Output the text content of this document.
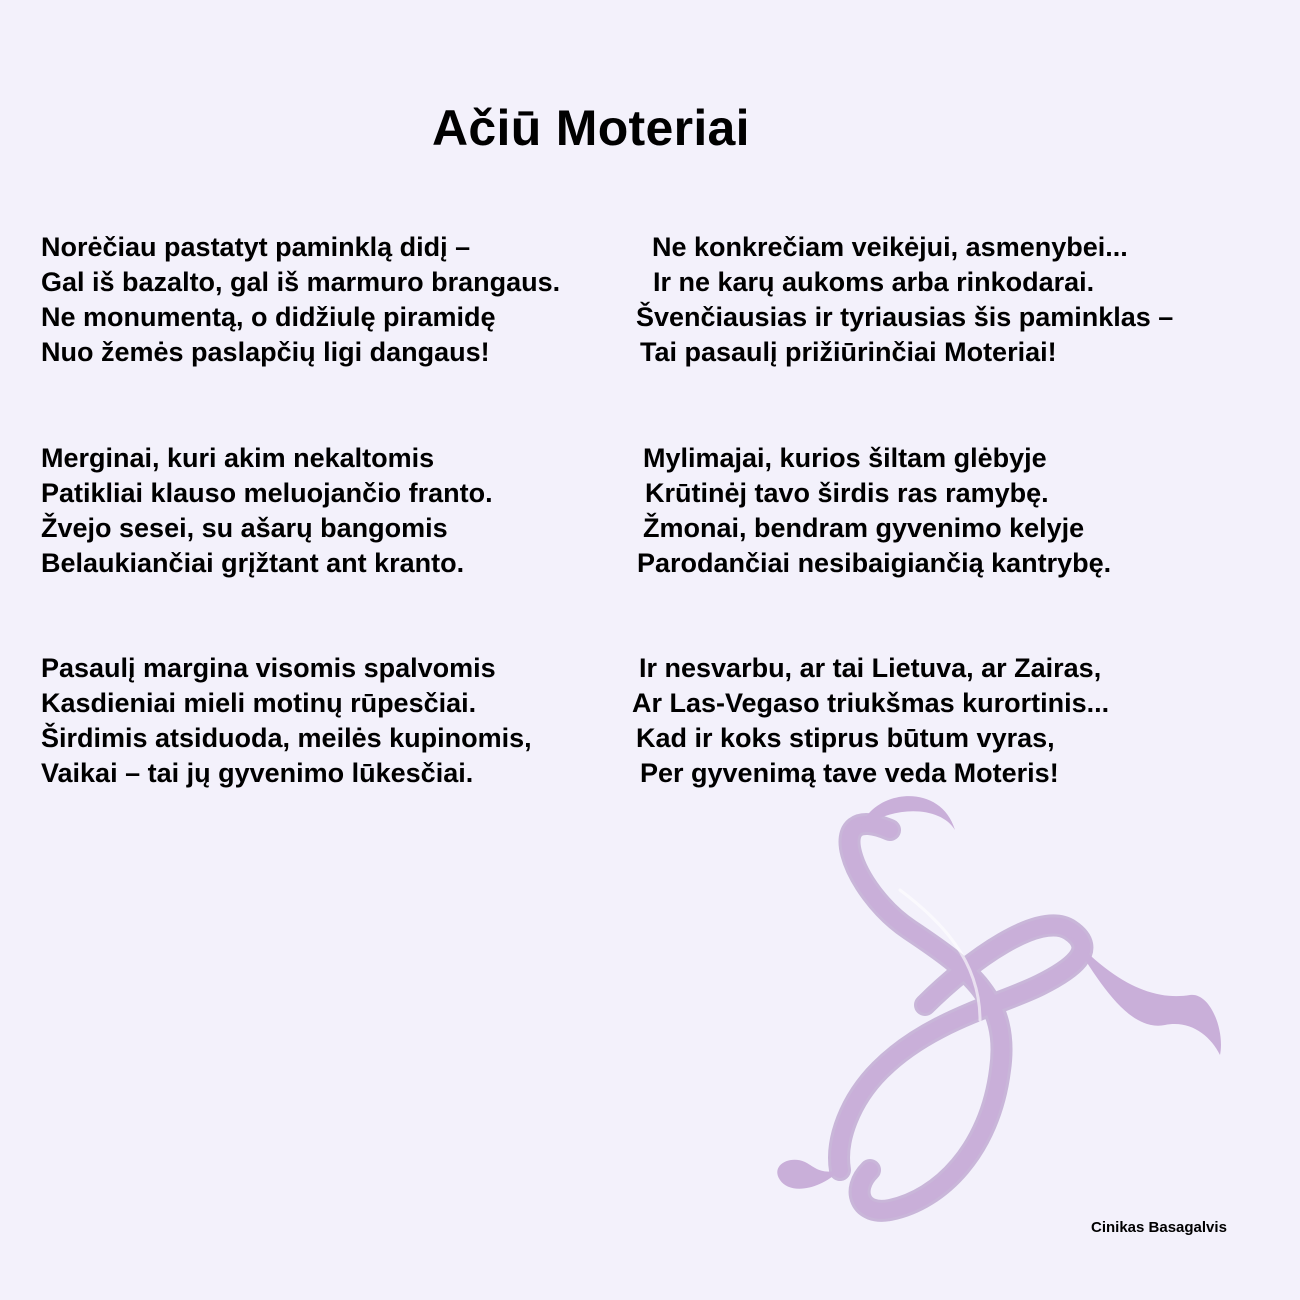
Ačiū Moteriai
Norėčiau pastatyt paminklą didį –
Gal iš bazalto, gal iš marmuro brangaus.
Ne monumentą, o didžiulę piramidę
Nuo žemės paslapčių ligi dangaus!
Merginai, kuri akim nekaltomis
Patikliai klauso meluojančio franto.
Žvejo sesei, su ašarų bangomis
Belaukiančiai grįžtant ant kranto.
Pasaulį margina visomis spalvomis
Kasdieniai mieli motinų rūpesčiai.
Širdimis atsiduoda, meilės kupinomis,
Vaikai – tai jų gyvenimo lūkesčiai.
Ne konkrečiam veikėjui, asmenybei...
Ir ne karų aukoms arba rinkodarai.
Švenčiausias ir tyriausias šis paminklas –
Tai pasaulį prižiūrinčiai Moteriai!
Mylimajai, kurios šiltam glėbyje
Krūtinėj tavo širdis ras ramybę.
Žmonai, bendram gyvenimo kelyje
Parodančiai nesibaigiančią kantrybę.
Ir nesvarbu, ar tai Lietuva, ar Zairas,
Ar Las-Vegaso triukšmas kurortinis...
Kad ir koks stiprus būtum vyras,
Per gyvenimą tave veda Moteris!
Cinikas Basagalvis
